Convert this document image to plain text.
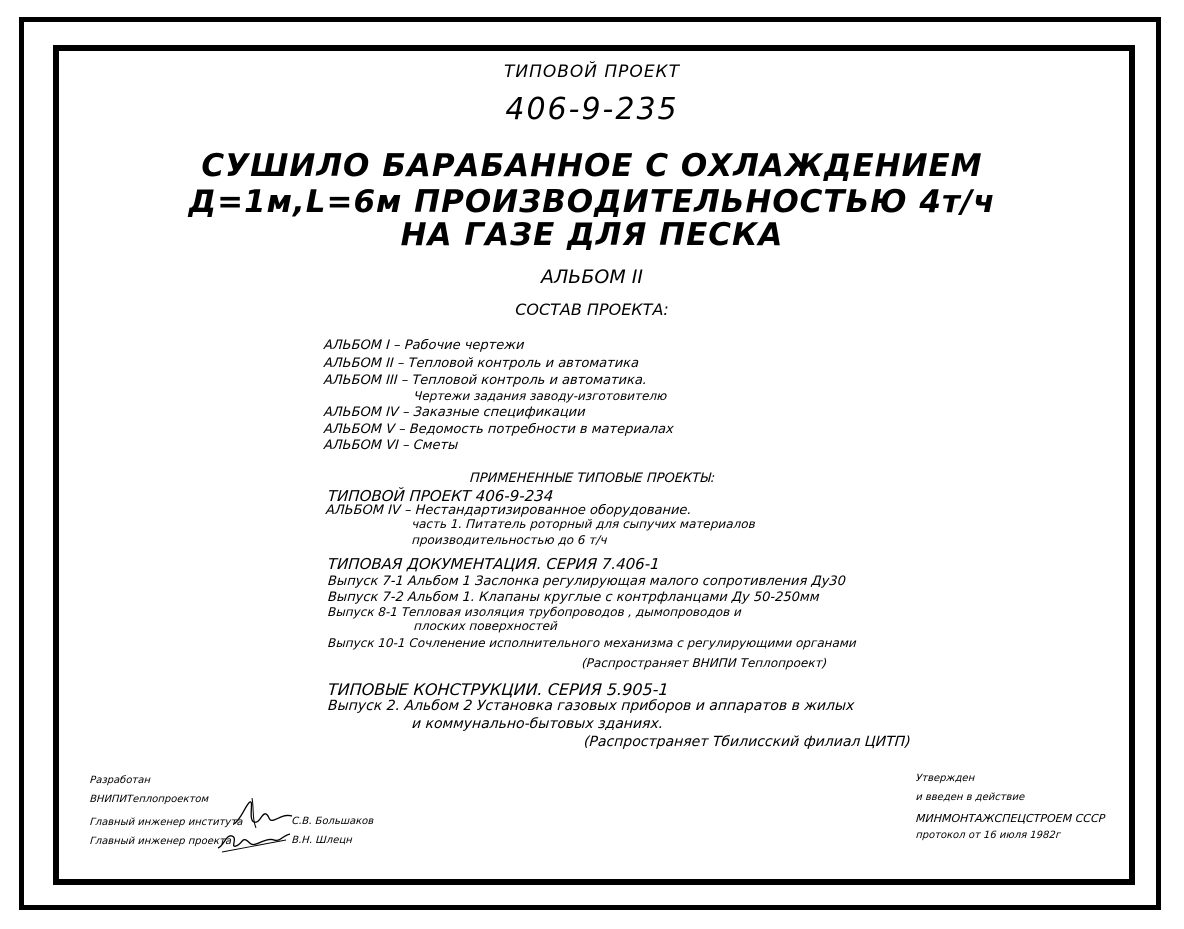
ТИПОВОЙ ПРОЕКТ
406-9-235
СУШИЛО БАРАБАННОЕ С ОХЛАЖДЕНИЕМ
Д=1м,L=6м ПРОИЗВОДИТЕЛЬНОСТЬЮ 4т/ч
НА ГАЗЕ ДЛЯ ПЕСКА
АЛЬБОМ II
СОСТАВ ПРОЕКТА:
АЛЬБОМ I – Рабочие чертежи
АЛЬБОМ II – Тепловой контроль и автоматика
АЛЬБОМ III – Тепловой контроль и автоматика.
Чертежи задания заводу-изготовителю
АЛЬБОМ IV – Заказные спецификации
АЛЬБОМ V – Ведомость потребности в материалах
АЛЬБОМ VI – Сметы
ПРИМЕНЕННЫЕ ТИПОВЫЕ ПРОЕКТЫ:
ТИПОВОЙ ПРОЕКТ 406-9-234
АЛЬБОМ IV – Нестандартизированное оборудование.
часть 1. Питатель роторный для сыпучих материалов
производительностью до 6 т/ч
ТИПОВАЯ ДОКУМЕНТАЦИЯ. СЕРИЯ 7.406-1
Выпуск 7-1 Альбом 1 Заслонка регулирующая малого сопротивления Ду30
Выпуск 7-2 Альбом 1. Клапаны круглые с контрфланцами Ду 50-250мм
Выпуск 8-1 Тепловая изоляция трубопроводов , дымопроводов и
плоских поверхностей
Выпуск 10-1 Сочленение исполнительного механизма с регулирующими органами
(Распространяет ВНИПИ Теплопроект)
ТИПОВЫЕ КОНСТРУКЦИИ. СЕРИЯ 5.905-1
Выпуск 2. Альбом 2 Установка газовых приборов и аппаратов в жилых
и коммунально-бытовых зданиях.
(Распространяет Тбилисский филиал ЦИТП)
Разработан
ВНИПИТеплопроектом
Главный инженер института	С.В. Большаков
Главный инженер проекта	В.Н. Шлецн
Утвержден
и введен в действие
МИНМОНТАЖСПЕЦСТРОЕМ СССР
протокол от 16 июля 1982г
